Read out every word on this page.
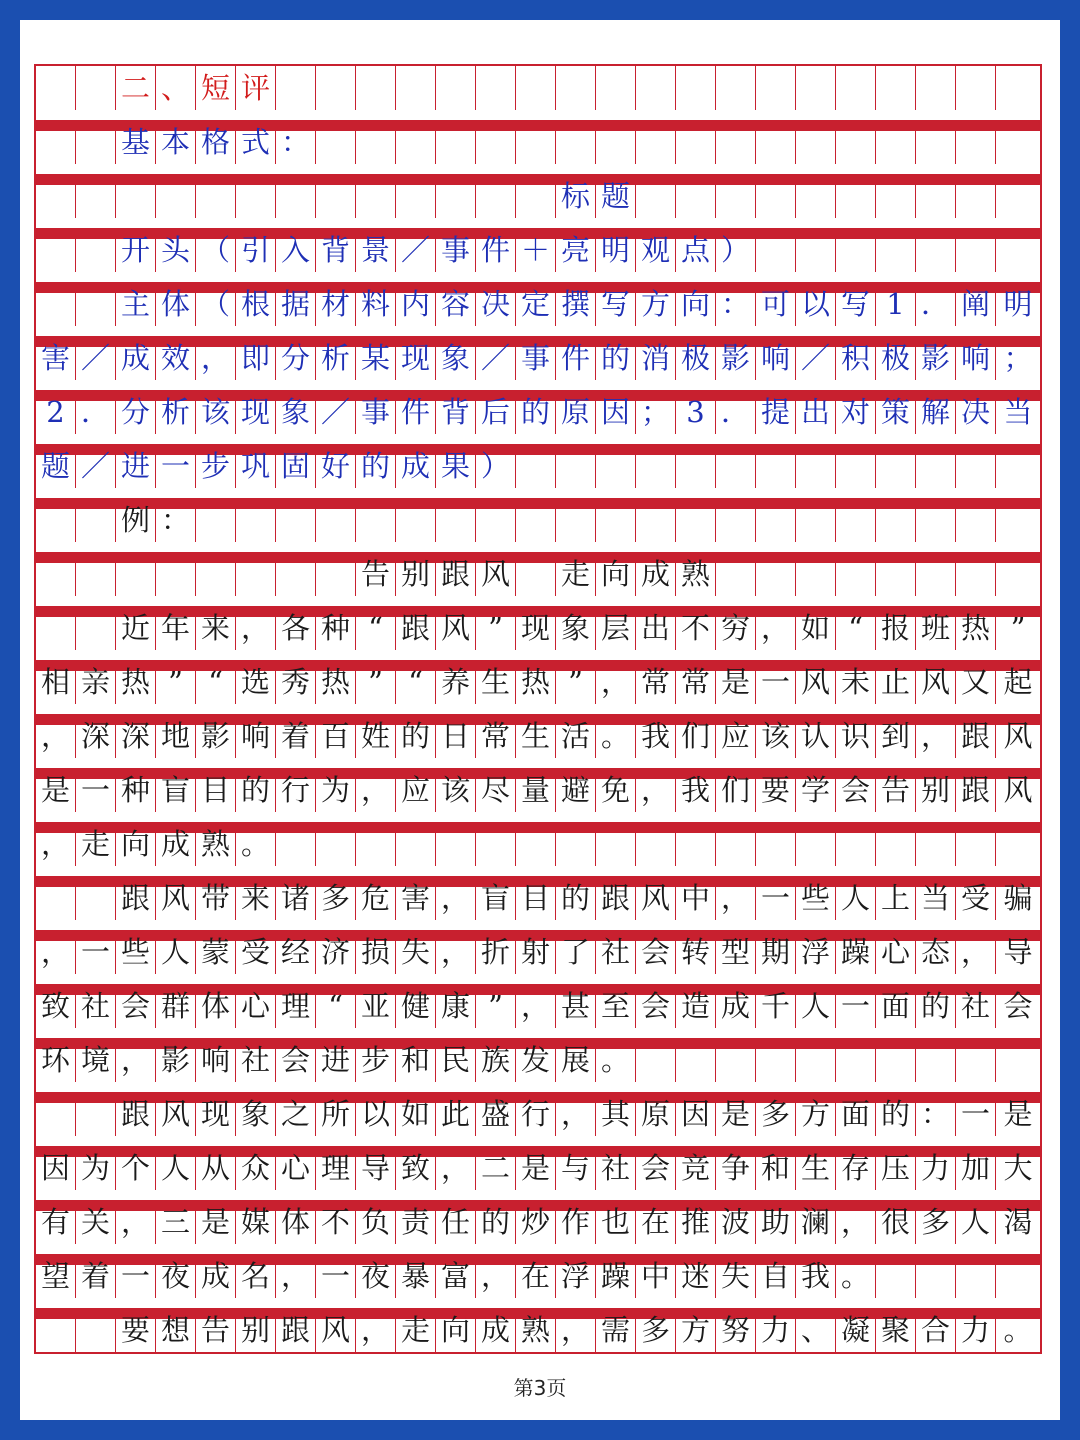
二 、 短 评
基 本 格 式 ：
标 题
开 头 （ 引 入 背 景 ／ 事 件 ＋ 亮 明 观 点 ）
主 体 （ 根 据 材 料 内 容 决 定 撰 写 方 向 ： 可 以 写 1 ． 阐 明
害 ／ 成 效 ， 即 分 析 某 现 象 ／ 事 件 的 消 极 影 响 ／ 积 极 影 响 ；
2 ． 分 析 该 现 象 ／ 事 件 背 后 的 原 因 ； 3 ． 提 出 对 策 解 决 当
题 ／ 进 一 步 巩 固 好 的 成 果 ）
例 ：
告 别 跟 风 走 向 成 熟
近 年 来 ， 各 种 “ 跟 风 ” 现 象 层 出 不 穷 ， 如 “ 报 班 热 ”
相 亲 热 ” “ 选 秀 热 ” “ 养 生 热 ” ， 常 常 是 一 风 未 止 风 又 起
， 深 深 地 影 响 着 百 姓 的 日 常 生 活 。 我 们 应 该 认 识 到 ， 跟 风
是 一 种 盲 目 的 行 为 ， 应 该 尽 量 避 免 ， 我 们 要 学 会 告 别 跟 风
， 走 向 成 熟 。
跟 风 带 来 诸 多 危 害 ， 盲 目 的 跟 风 中 ， 一 些 人 上 当 受 骗
， 一 些 人 蒙 受 经 济 损 失 ， 折 射 了 社 会 转 型 期 浮 躁 心 态 ， 导
致 社 会 群 体 心 理 “ 亚 健 康 ” ， 甚 至 会 造 成 千 人 一 面 的 社 会
环 境 ， 影 响 社 会 进 步 和 民 族 发 展 。
跟 风 现 象 之 所 以 如 此 盛 行 ， 其 原 因 是 多 方 面 的 ： 一 是
因 为 个 人 从 众 心 理 导 致 ， 二 是 与 社 会 竞 争 和 生 存 压 力 加 大
有 关 ， 三 是 媒 体 不 负 责 任 的 炒 作 也 在 推 波 助 澜 ， 很 多 人 渴
望 着 一 夜 成 名 ， 一 夜 暴 富 ， 在 浮 躁 中 迷 失 自 我 。
要 想 告 别 跟 风 ， 走 向 成 熟 ， 需 多 方 努 力 、 凝 聚 合 力 。
第3页
